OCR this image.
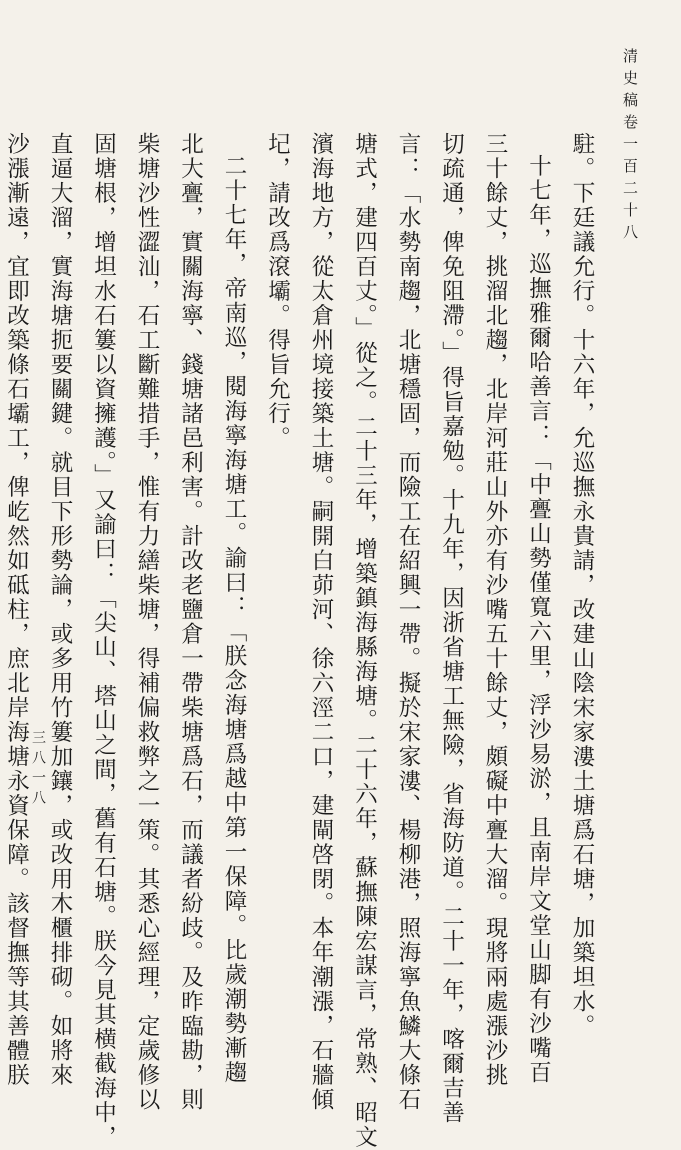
清史稿卷一百二十八
三八一八	駐。下廷議允行。十六年，允巡撫永貴請，改建山陰宋家漊土塘爲石塘，加築坦水。
十七年，巡撫雅爾哈善言：「中亹山勢僅寬六里，浮沙易淤，且南岸文堂山脚有沙嘴百
三十餘丈，挑溜北趨，北岸河莊山外亦有沙嘴五十餘丈，頗礙中亹大溜。現將兩處漲沙挑
切疏通，俾免阻滯。」得旨嘉勉。十九年，因浙省塘工無險，省海防道。二十一年，喀爾吉善
言：「水勢南趨，北塘穩固，而險工在紹興一帶。擬於宋家漊、楊柳港，照海寧魚鱗大條石
塘式，建四百丈。」從之。二十三年，增築鎮海縣海塘。二十六年，蘇撫陳宏謀言，常熟、昭文
濱海地方，從太倉州境接築土塘。嗣開白茆河、徐六涇二口，建閘啓閉。本年潮漲，石牆傾
圮，請改爲滾壩。得旨允行。
二十七年，帝南巡，閱海寧海塘工。諭曰：「朕念海塘爲越中第一保障。比歲潮勢漸趨
北大亹，實關海寧、錢塘諸邑利害。計改老鹽倉一帶柴塘爲石，而議者紛歧。及昨臨勘，則
柴塘沙性澀汕，石工斷難措手，惟有力繕柴塘，得補偏救弊之一策。其悉心經理，定歲修以
固塘根，增坦水石簍以資擁護。」又諭曰：「尖山、塔山之間，舊有石塘。朕今見其横截海中，
直逼大溜，實海塘扼要關鍵。就目下形勢論，或多用竹簍加鑲，或改用木櫃排砌。如將來
沙漲漸遠，宜即改築條石壩工，俾屹然如砥柱，庶北岸海塘永資保障。該督撫等其善體朕
